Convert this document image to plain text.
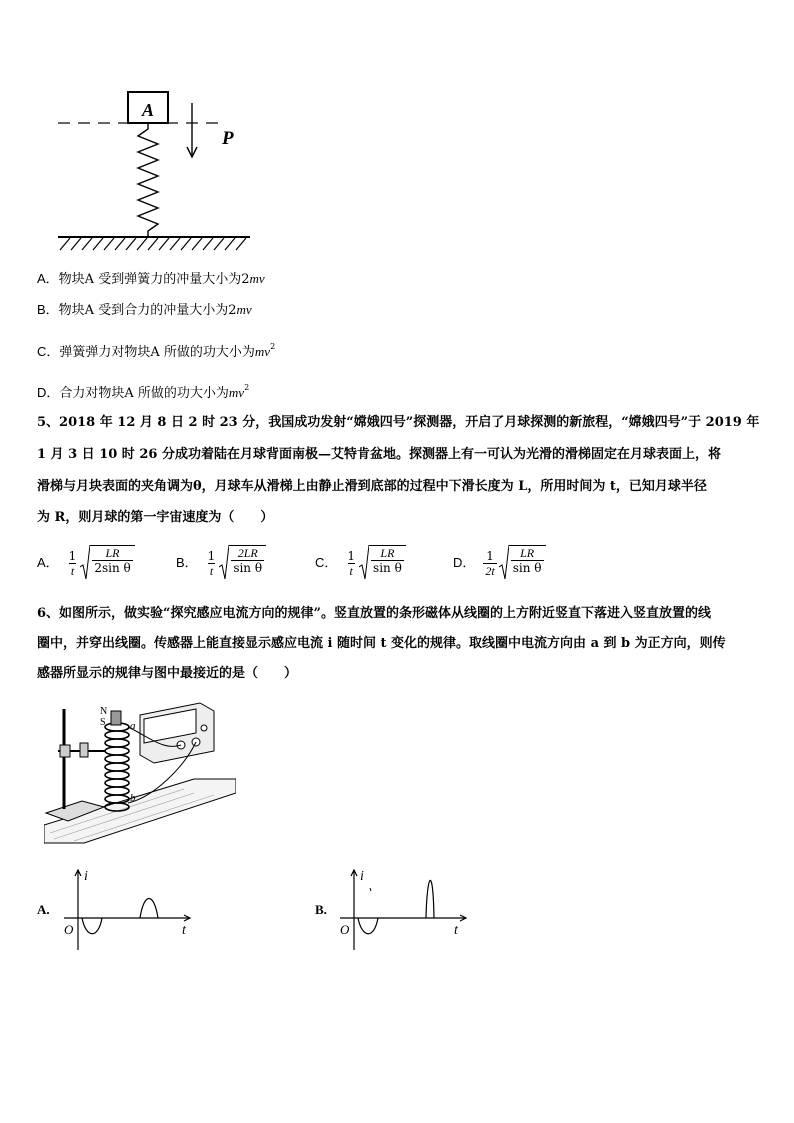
A
P
A．物块A 受到弹簧力的冲量大小为2mv
B．物块A 受到合力的冲量大小为2mv
C．弹簧弹力对物块A 所做的功大小为$mv^2$
D．合力对物块A 所做的功大小为$mv^2$
5、2018 年 12 月 8 日 2 时 23 分，我国成功发射“嫦娥四号”探测器，开启了月球探测的新旅程，“嫦娥四号”于 2019 年
1 月 3 日 10 时 26 分成功着陆在月球背面南极—艾特肯盆地。探测器上有一可认为光滑的滑梯固定在月球表面上，将
滑梯与月块表面的夹角调为θ，月球车从滑梯上由静止滑到底部的过程中下滑长度为 L，所用时间为 t，已知月球半径
为 R，则月球的第一宇宙速度为（　　）
A． $\frac{1}{t} \frac{LR}{\text{2sin θ}}$	B． $\frac{1}{t} \frac{2LR}{\text{sin θ}}$	C． $\frac{1}{t} \frac{LR}{\text{sin θ}}$	D． $\frac{1}{2t} \frac{LR}{\text{sin θ}}$
6、如图所示，做实验“探究感应电流方向的规律”。竖直放置的条形磁体从线圈的上方附近竖直下落进入竖直放置的线
圈中，并穿出线圈。传感器上能直接显示感应电流 i 随时间 t 变化的规律。取线圈中电流方向由 a 到 b 为正方向，则传
感器所显示的规律与图中最接近的是（　　）
N
S a
b
A.
i
t
O
B.
i
t
O
